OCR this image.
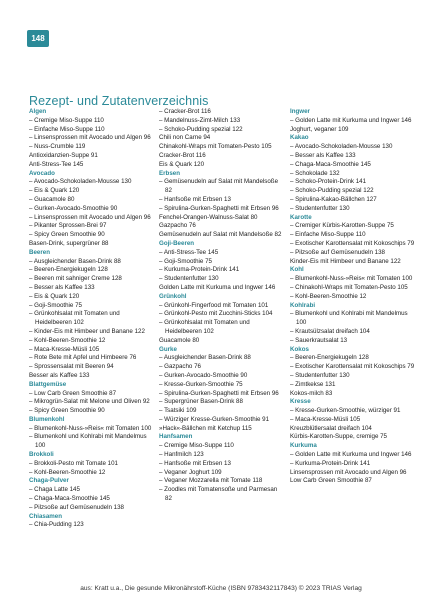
148
Rezept- und Zutatenverzeichnis

Algen

– Cremige Miso-Suppe 110

– Einfache Miso-Suppe 110

– Linsensprossen mit Avocado und Algen 96

– Nuss-Crumble 119

Antioxidanzien-Suppe 91

Anti-Stress-Tee 145

Avocado

– Avocado-Schokoladen-Mousse 130

– Eis & Quark 120

– Guacamole 80

– Gurken-Avocado-Smoothie 90

– Linsensprossen mit Avocado und Algen 96

– Pikanter Sprossen-Brei 97

– Spicy Green Smoothie 90

Basen-Drink, supergrüner 88

Beeren

– Ausgleichender Basen-Drink 88

– Beeren-Energiekugeln 128

– Beeren mit sahniger Creme 128

– Besser als Kaffee 133

– Eis & Quark 120

– Goji-Smoothie 75

– Grünkohlsalat mit Tomaten und Heidelbeeren 102

– Kinder-Eis mit Himbeer und Banane 122

– Kohl-Beeren-Smoothie 12

– Maca-Kresse-Müsli 105

– Rote Bete mit Apfel und Himbeere 76

– Sprossensalat mit Beeren 94

Besser als Kaffee 133

Blattgemüse

– Low Carb Green Smoothie 87

– Mikrogrün-Salat mit Melone und Oliven 92

– Spicy Green Smoothie 90

Blumenkohl

– Blumenkohl-Nuss-»Reis« mit Tomaten 100

– Blumenkohl und Kohlrabi mit Mandelmus 100

Brokkoli

– Brokkoli-Pesto mit Tomate 101

– Kohl-Beeren-Smoothie 12

Chaga-Pulver

– Chaga Latte 145

– Chaga-Maca-Smoothie 145

– Pilzsoße auf Gemüsenudeln 138

Chiasamen

– Chia-Pudding 123

– Cracker-Brot 116

– Mandelnuss-Zimt-Milch 133

– Schoko-Pudding spezial 122

Chili non Carne 94

Chinakohl-Wraps mit Tomaten-Pesto 105

Cracker-Brot 116

Eis & Quark 120

Erbsen

– Gemüsenudeln auf Salat mit Mandelsoße 82

– Hanfsoße mit Erbsen 13

– Spirulina-Gurken-Spaghetti mit Erbsen 96

Fenchel-Orangen-Walnuss-Salat 80

Gazpacho 76

Gemüsenudeln auf Salat mit Mandelsoße 82

Goji-Beeren

– Anti-Stress-Tee 145

– Goji-Smoothie 75

– Kurkuma-Protein-Drink 141

– Studentenfutter 130

Golden Latte mit Kurkuma und Ingwer 146

Grünkohl

– Grünkohl-Fingerfood mit Tomaten 101

– Grünkohl-Pesto mit Zucchini-Sticks 104

– Grünkohlsalat mit Tomaten und Heidelbeeren 102

Guacamole 80

Gurke

– Ausgleichender Basen-Drink 88

– Gazpacho 76

– Gurken-Avocado-Smoothie 90

– Kresse-Gurken-Smoothie 75

– Spirulina-Gurken-Spaghetti mit Erbsen 96

– Supergrüner Basen-Drink 88

– Tsatsiki 109

– Würziger Kresse-Gurken-Smoothie 91

»Hack«-Bällchen mit Ketchup 115

Hanfsamen

– Cremige Miso-Suppe 110

– Hanfmilch 123

– Hanfsoße mit Erbsen 13

– Veganer Joghurt 109

– Veganer Mozzarella mit Tomate 118

– Zoodles mit Tomatensoße und Parmesan 82

Ingwer

– Golden Latte mit Kurkuma und Ingwer 146

Joghurt, veganer 109

Kakao

– Avocado-Schokoladen-Mousse 130

– Besser als Kaffee 133

– Chaga-Maca-Smoothie 145

– Schokolade 132

– Schoko-Protein-Drink 141

– Schoko-Pudding spezial 122

– Spirulina-Kakao-Bällchen 127

– Studentenfutter 130

Karotte

– Cremiger Kürbis-Karotten-Suppe 75

– Einfache Miso-Suppe 110

– Exotischer Karottensalat mit Kokoschips 79

– Pilzsoße auf Gemüsenudeln 138

Kinder-Eis mit Himbeer und Banane 122

Kohl

– Blumenkohl-Nuss-»Reis« mit Tomaten 100

– Chinakohl-Wraps mit Tomaten-Pesto 105

– Kohl-Beeren-Smoothie 12

Kohlrabi

– Blumenkohl und Kohlrabi mit Mandelmus 100

– Krautsülzsalat dreifach 104

– Sauerkrautsalat 13

Kokos

– Beeren-Energiekugeln 128

– Exotischer Karottensalat mit Kokoschips 79

– Studentenfutter 130

– Zimtkekse 131

Kokos-milch 83

Kresse

– Kresse-Gurken-Smoothie, würziger 91

– Maca-Kresse-Müsli 105

Kreuzblütlersalat dreifach 104

Kürbis-Karotten-Suppe, cremige 75

Kurkuma

– Golden Latte mit Kurkuma und Ingwer 146

– Kurkuma-Protein-Drink 141

Linsensprossen mit Avocado und Algen 96

Low Carb Green Smoothie 87

aus: Kratt u.a., Die gesunde Mikronährstoff-Küche (ISBN 9783432117843) © 2023 TRIAS Verlag
